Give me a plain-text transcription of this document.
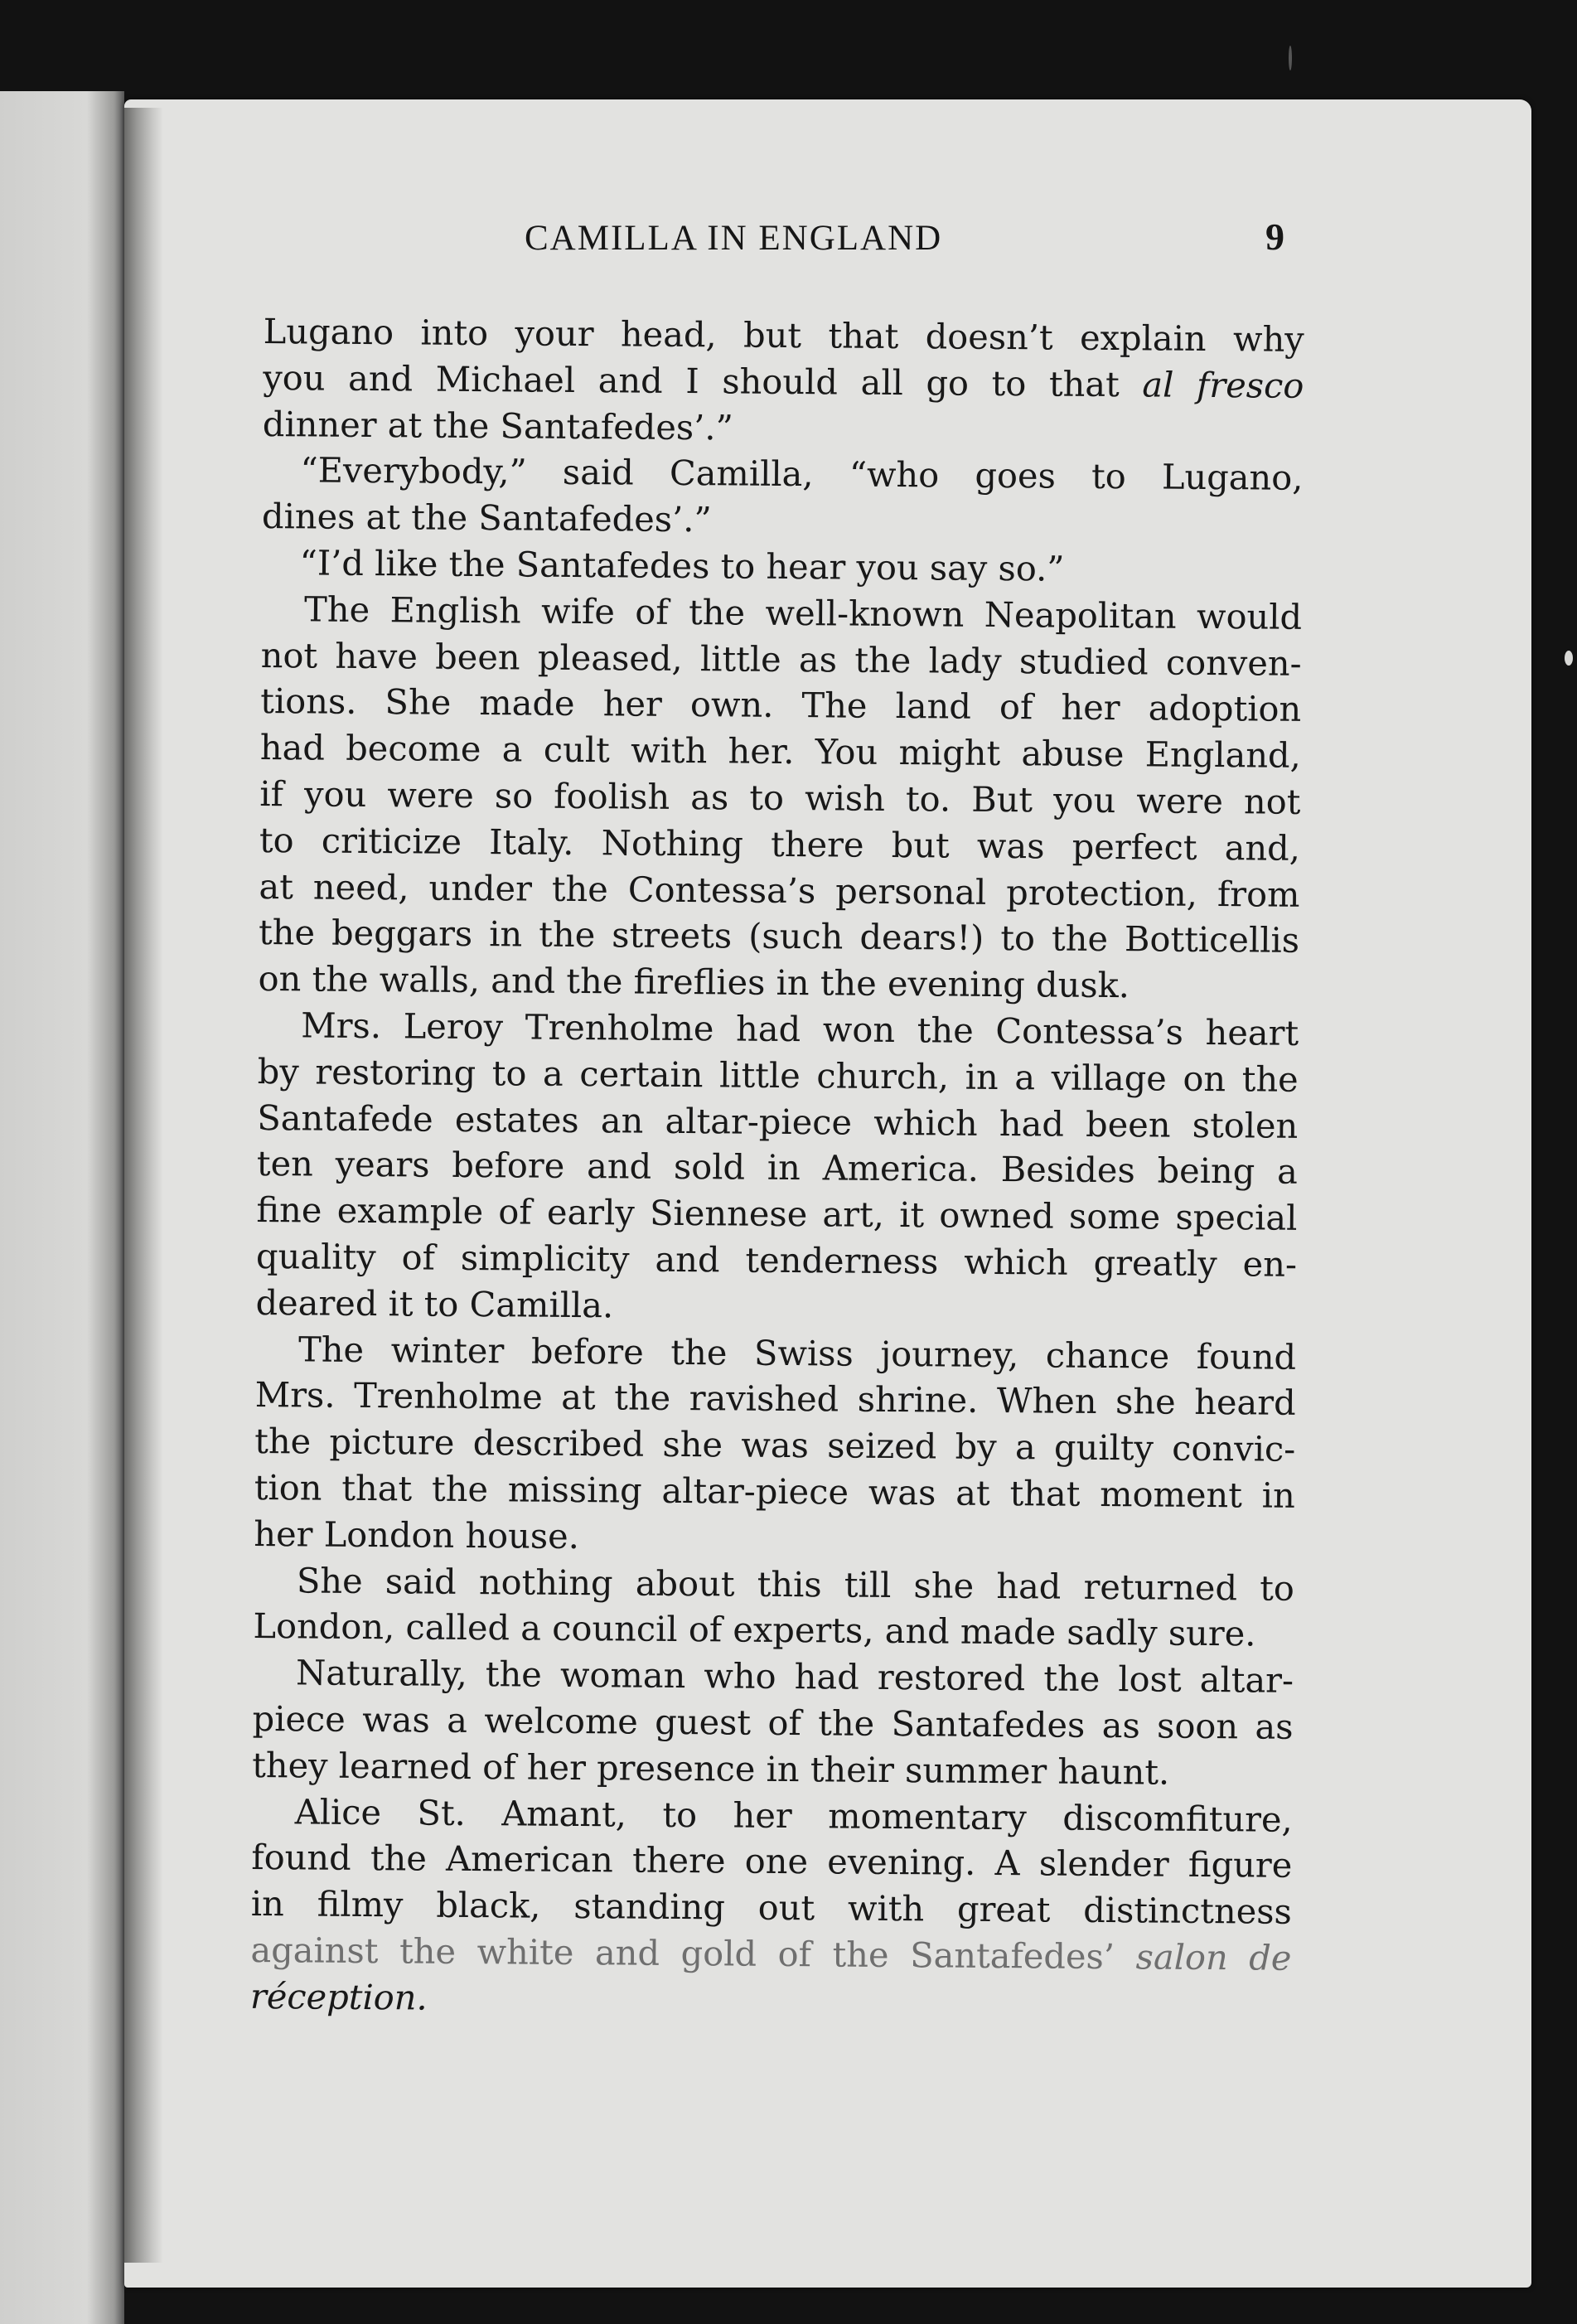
CAMILLA IN ENGLAND	9
Lugano into your head, but that doesn’t explain why
you and Michael and I should all go to that al fresco
dinner at the Santafedes’.”
“Everybody,” said Camilla, “who goes to Lugano,
dines at the Santafedes’.”
“I’d like the Santafedes to hear you say so.”
The English wife of the well-known Neapolitan would
not have been pleased, little as the lady studied conven-
tions. She made her own. The land of her adoption
had become a cult with her. You might abuse England,
if you were so foolish as to wish to. But you were not
to criticize Italy. Nothing there but was perfect and,
at need, under the Contessa’s personal protection, from
the beggars in the streets (such dears!) to the Botticellis
on the walls, and the fireflies in the evening dusk.
Mrs. Leroy Trenholme had won the Contessa’s heart
by restoring to a certain little church, in a village on the
Santafede estates an altar-piece which had been stolen
ten years before and sold in America. Besides being a
fine example of early Siennese art, it owned some special
quality of simplicity and tenderness which greatly en-
deared it to Camilla.
The winter before the Swiss journey, chance found
Mrs. Trenholme at the ravished shrine. When she heard
the picture described she was seized by a guilty convic-
tion that the missing altar-piece was at that moment in
her London house.
She said nothing about this till she had returned to
London, called a council of experts, and made sadly sure.
Naturally, the woman who had restored the lost altar-
piece was a welcome guest of the Santafedes as soon as
they learned of her presence in their summer haunt.
Alice St. Amant, to her momentary discomfiture,
found the American there one evening. A slender figure
in filmy black, standing out with great distinctness
against the white and gold of the Santafedes’ salon de
réception.
